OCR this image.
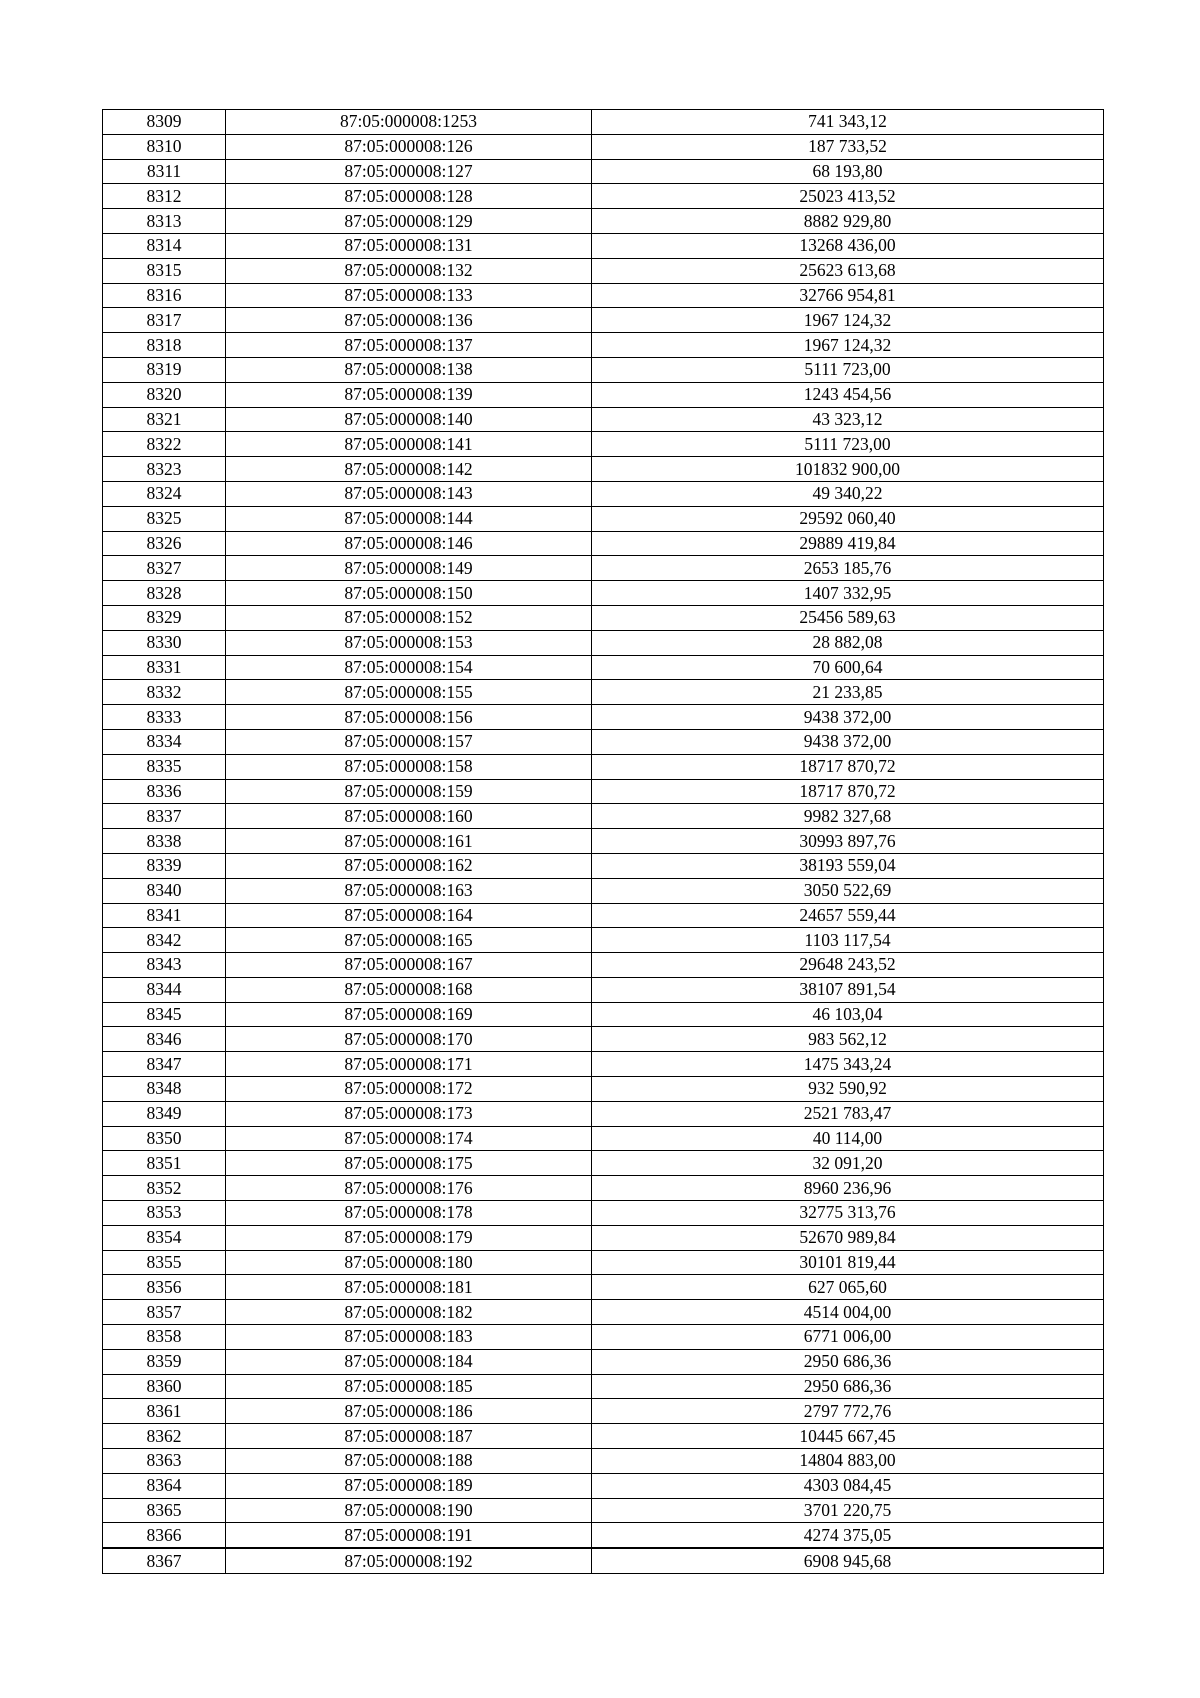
8309	87:05:000008:1253	741 343,12
8310	87:05:000008:126	187 733,52
8311	87:05:000008:127	68 193,80
8312	87:05:000008:128	25023 413,52
8313	87:05:000008:129	8882 929,80
8314	87:05:000008:131	13268 436,00
8315	87:05:000008:132	25623 613,68
8316	87:05:000008:133	32766 954,81
8317	87:05:000008:136	1967 124,32
8318	87:05:000008:137	1967 124,32
8319	87:05:000008:138	5111 723,00
8320	87:05:000008:139	1243 454,56
8321	87:05:000008:140	43 323,12
8322	87:05:000008:141	5111 723,00
8323	87:05:000008:142	101832 900,00
8324	87:05:000008:143	49 340,22
8325	87:05:000008:144	29592 060,40
8326	87:05:000008:146	29889 419,84
8327	87:05:000008:149	2653 185,76
8328	87:05:000008:150	1407 332,95
8329	87:05:000008:152	25456 589,63
8330	87:05:000008:153	28 882,08
8331	87:05:000008:154	70 600,64
8332	87:05:000008:155	21 233,85
8333	87:05:000008:156	9438 372,00
8334	87:05:000008:157	9438 372,00
8335	87:05:000008:158	18717 870,72
8336	87:05:000008:159	18717 870,72
8337	87:05:000008:160	9982 327,68
8338	87:05:000008:161	30993 897,76
8339	87:05:000008:162	38193 559,04
8340	87:05:000008:163	3050 522,69
8341	87:05:000008:164	24657 559,44
8342	87:05:000008:165	1103 117,54
8343	87:05:000008:167	29648 243,52
8344	87:05:000008:168	38107 891,54
8345	87:05:000008:169	46 103,04
8346	87:05:000008:170	983 562,12
8347	87:05:000008:171	1475 343,24
8348	87:05:000008:172	932 590,92
8349	87:05:000008:173	2521 783,47
8350	87:05:000008:174	40 114,00
8351	87:05:000008:175	32 091,20
8352	87:05:000008:176	8960 236,96
8353	87:05:000008:178	32775 313,76
8354	87:05:000008:179	52670 989,84
8355	87:05:000008:180	30101 819,44
8356	87:05:000008:181	627 065,60
8357	87:05:000008:182	4514 004,00
8358	87:05:000008:183	6771 006,00
8359	87:05:000008:184	2950 686,36
8360	87:05:000008:185	2950 686,36
8361	87:05:000008:186	2797 772,76
8362	87:05:000008:187	10445 667,45
8363	87:05:000008:188	14804 883,00
8364	87:05:000008:189	4303 084,45
8365	87:05:000008:190	3701 220,75
8366	87:05:000008:191	4274 375,05
8367	87:05:000008:192	6908 945,68
